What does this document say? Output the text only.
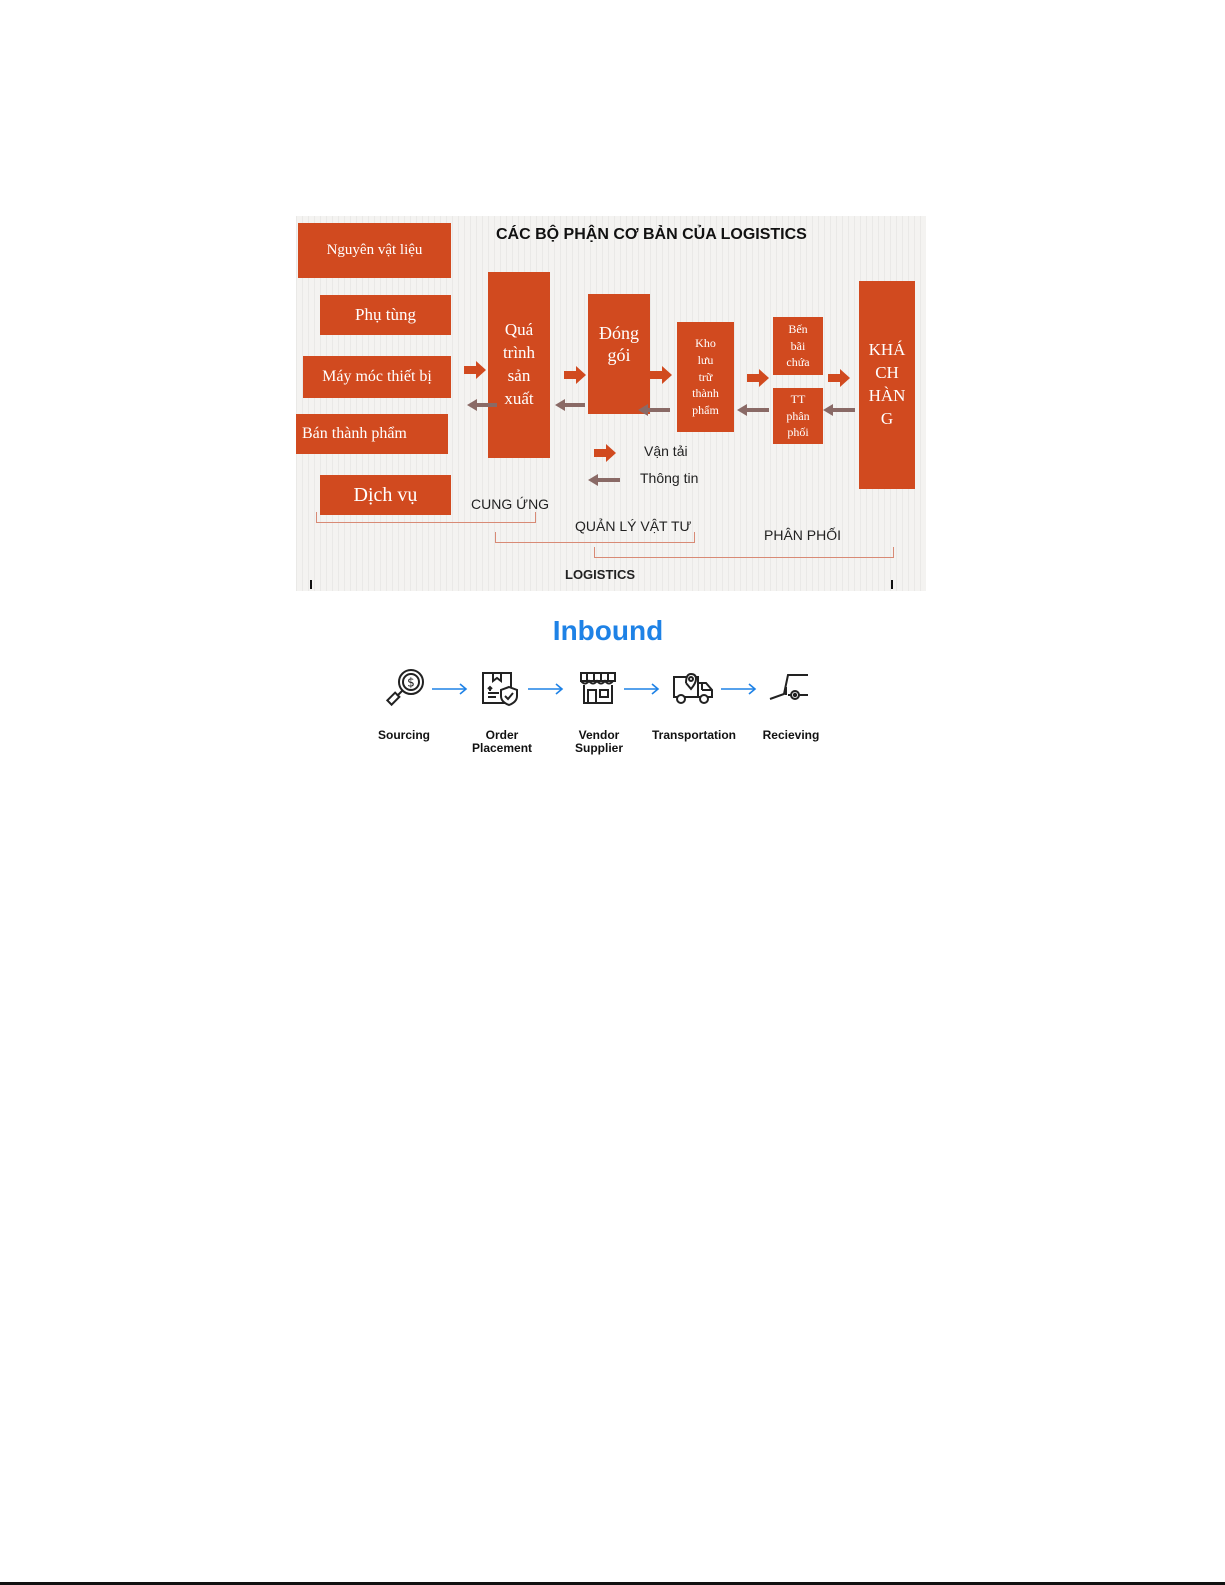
CÁC BỘ PHẬN CƠ BẢN CỦA LOGISTICS
Nguyên vật liệu
Phụ tùng
Máy móc thiết bị
Bán thành phẩm
Dịch vụ
Quá
trình
sản
xuất
Đóng
gói
Kho
lưu
trữ
thành
phẩm
Bến
bãi
chứa
TT
phân
phối
KHÁ
CH
HÀN
G
Vận tải
Thông tin
CUNG ỨNG
QUẢN LÝ VẬT TƯ
PHÂN PHỐI
LOGISTICS
Inbound
$
Sourcing	Order
Placement
Vendor
Supplier
Transportation	Recieving
